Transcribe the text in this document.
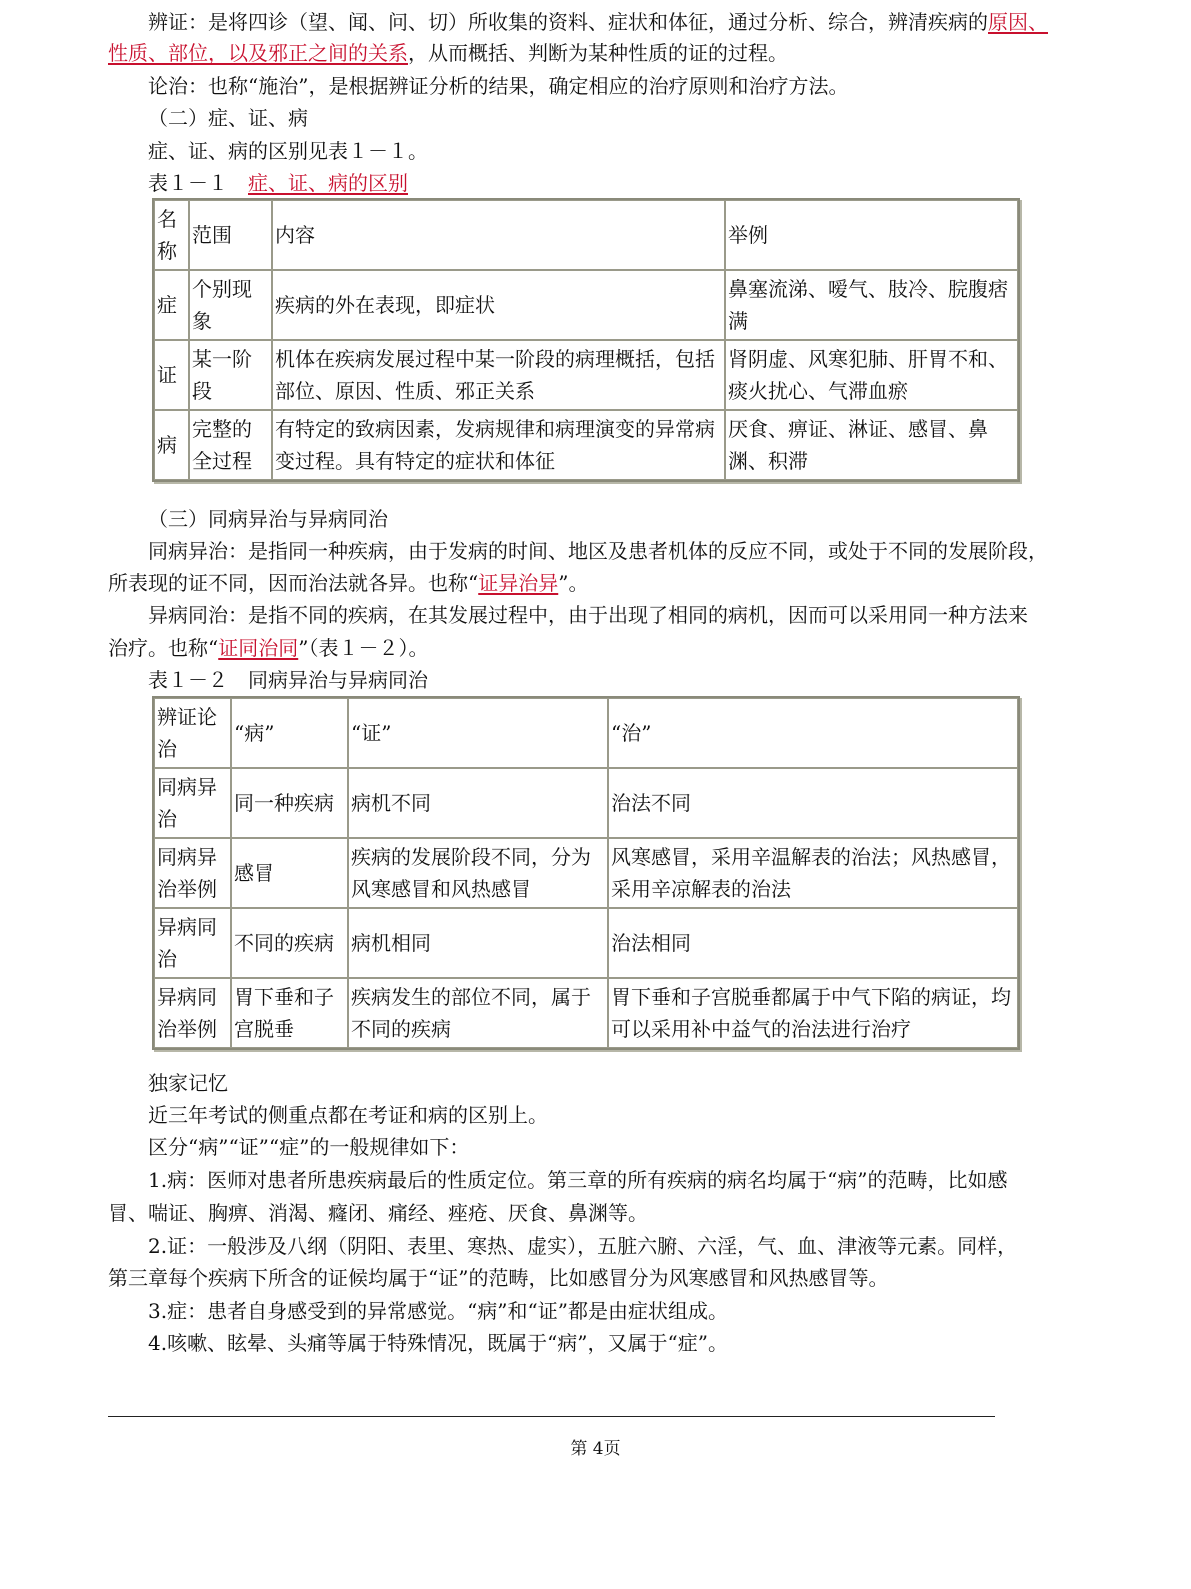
辨证：是将四诊（望、闻、问、切）所收集的资料、症状和体征，通过分析、综合，辨清疾病的原因、
性质、部位，以及邪正之间的关系，从而概括、判断为某种性质的证的过程。
论治：也称“施治”，是根据辨证分析的结果，确定相应的治疗原则和治疗方法。
（二）症、证、病
症、证、病的区别见表１－１。
表１－１　症、证、病的区别
名称	范围	内容	举例
症	个别现象	疾病的外在表现，即症状	鼻塞流涕、嗳气、肢冷、脘腹痞满
证	某一阶段	机体在疾病发展过程中某一阶段的病理概括，包括部位、原因、性质、邪正关系	肾阴虚、风寒犯肺、肝胃不和、痰火扰心、气滞血瘀
病	完整的全过程	有特定的致病因素，发病规律和病理演变的异常病变过程。具有特定的症状和体征	厌食、痹证、淋证、感冒、鼻渊、积滞
（三）同病异治与异病同治
同病异治：是指同一种疾病，由于发病的时间、地区及患者机体的反应不同，或处于不同的发展阶段，
所表现的证不同，因而治法就各异。也称“证异治异”。
异病同治：是指不同的疾病，在其发展过程中，由于出现了相同的病机，因而可以采用同一种方法来
治疗。也称“证同治同”（表１－２）。
表１－２　同病异治与异病同治
辨证论治	“病”	“证”	“治”
同病异治	同一种疾病	病机不同	治法不同
同病异治举例	感冒	疾病的发展阶段不同，分为风寒感冒和风热感冒	风寒感冒，采用辛温解表的治法；风热感冒，采用辛凉解表的治法
异病同治	不同的疾病	病机相同	治法相同
异病同治举例	胃下垂和子宫脱垂	疾病发生的部位不同，属于不同的疾病	胃下垂和子宫脱垂都属于中气下陷的病证，均可以采用补中益气的治法进行治疗
独家记忆
近三年考试的侧重点都在考证和病的区别上。
区分“病”“证”“症”的一般规律如下：
1.病：医师对患者所患疾病最后的性质定位。第三章的所有疾病的病名均属于“病”的范畴，比如感
冒、喘证、胸痹、消渴、癃闭、痛经、痤疮、厌食、鼻渊等。
2.证：一般涉及八纲（阴阳、表里、寒热、虚实），五脏六腑、六淫，气、血、津液等元素。同样，
第三章每个疾病下所含的证候均属于“证”的范畴，比如感冒分为风寒感冒和风热感冒等。
3.症：患者自身感受到的异常感觉。“病”和“证”都是由症状组成。
4.咳嗽、眩晕、头痛等属于特殊情况，既属于“病”，又属于“症”。
第 4页
